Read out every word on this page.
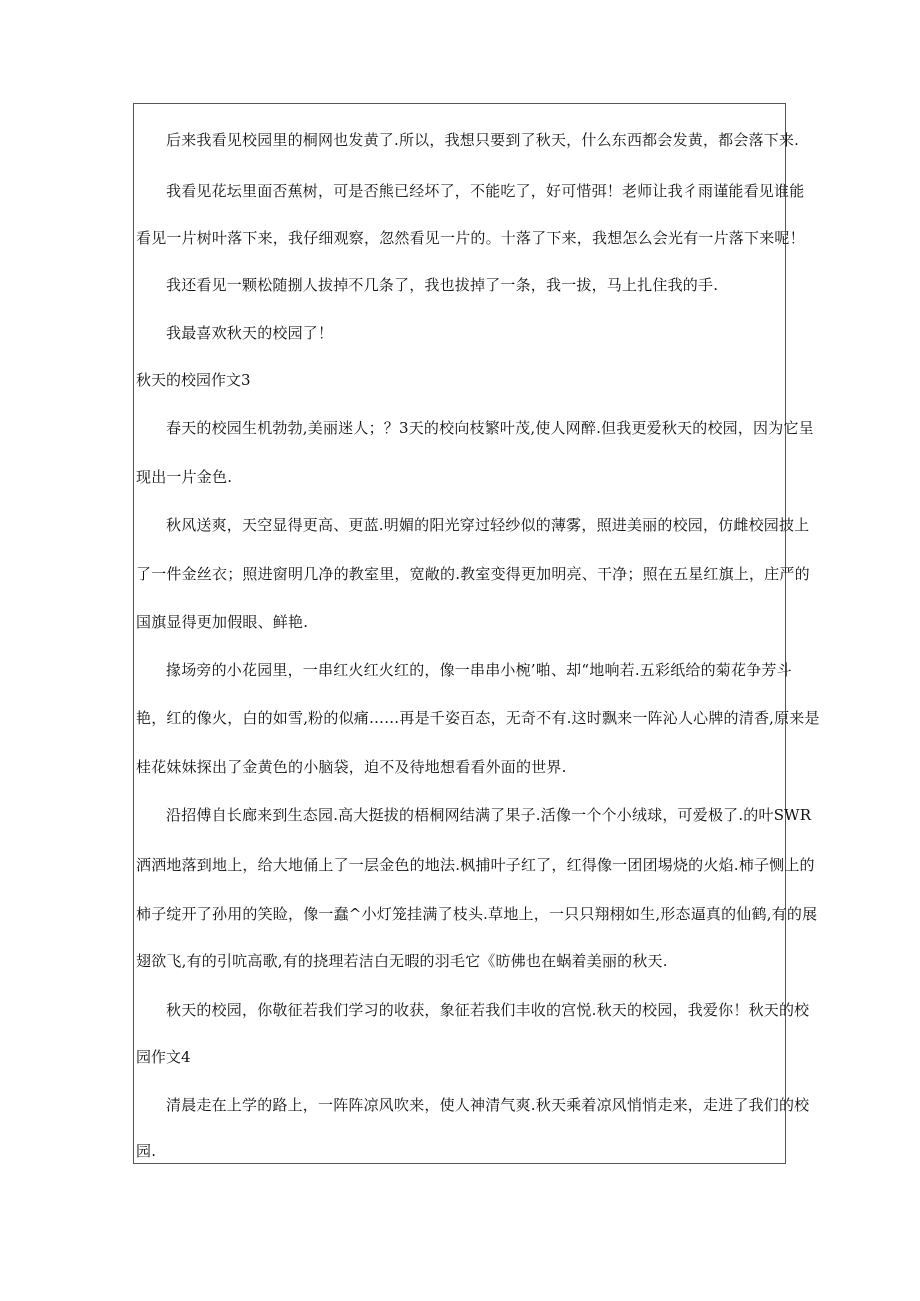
后来我看见校园里的桐网也发黄了.所以，我想只要到了秋天，什么东西都会发黄，都会落下来.
我看见花坛里面否蕉树，可是否熊已经坏了，不能吃了，好可惜弭！老师让我彳雨谨能看见谁能
看见一片树叶落下来，我仔细观察，忽然看见一片的。十落了下来，我想怎么会光有一片落下来呢！
我还看见一颗松随捌人拔掉不几条了，我也拔掉了一条，我一拔，马上扎住我的手.
我最喜欢秋天的校园了！
秋天的校园作文3
春天的校园生机勃勃,美丽迷人；？3天的校向枝繁叶茂,使人网醉.但我更爱秋天的校园，因为它呈
现出一片金色.
秋风送爽，天空显得更高、更蓝.明媚的阳光穿过轻纱似的薄雾，照进美丽的校园，仿雌校园披上
了一件金丝衣；照进窗明几净的教室里，宽敞的.教室变得更加明亮、干净；照在五星红旗上，庄严的
国旗显得更加假眼、鲜艳.
掾场旁的小花园里，一串红火红火红的，像一串串小椀’啪、却“地响若.五彩纸给的菊花争芳斗
艳，红的像火，白的如雪,粉的似痛……再是千姿百态，无奇不有.这时飘来一阵沁人心牌的清香,原来是
桂花妹妹探出了金黄色的小脑袋，迫不及待地想看看外面的世界.
沿招傅自长廊来到生态园.高大挺拔的梧桐网结满了果子.活像一个个小绒球，可爱极了.的叶SWR
洒洒地落到地上，给大地俑上了一层金色的地法.枫捕叶子红了，红得像一团团埸烧的火焰.柿子恻上的
柿子绽开了孙用的笑睑，像一蠢^小灯笼挂满了枝头.草地上，一只只翔栩如生,形态逼真的仙鹤,有的展
翅欲飞,有的引吭高歌,有的挠理若洁白无暇的羽毛它《昉佛也在蜗着美丽的秋天.
秋天的校园，你敬征若我们学习的收获，象征若我们丰收的宫悦.秋天的校园，我爱你！秋天的校
园作文4
清晨走在上学的路上，一阵阵凉风吹来，使人神清气爽.秋天乘着凉风悄悄走来，走进了我们的校
园.
